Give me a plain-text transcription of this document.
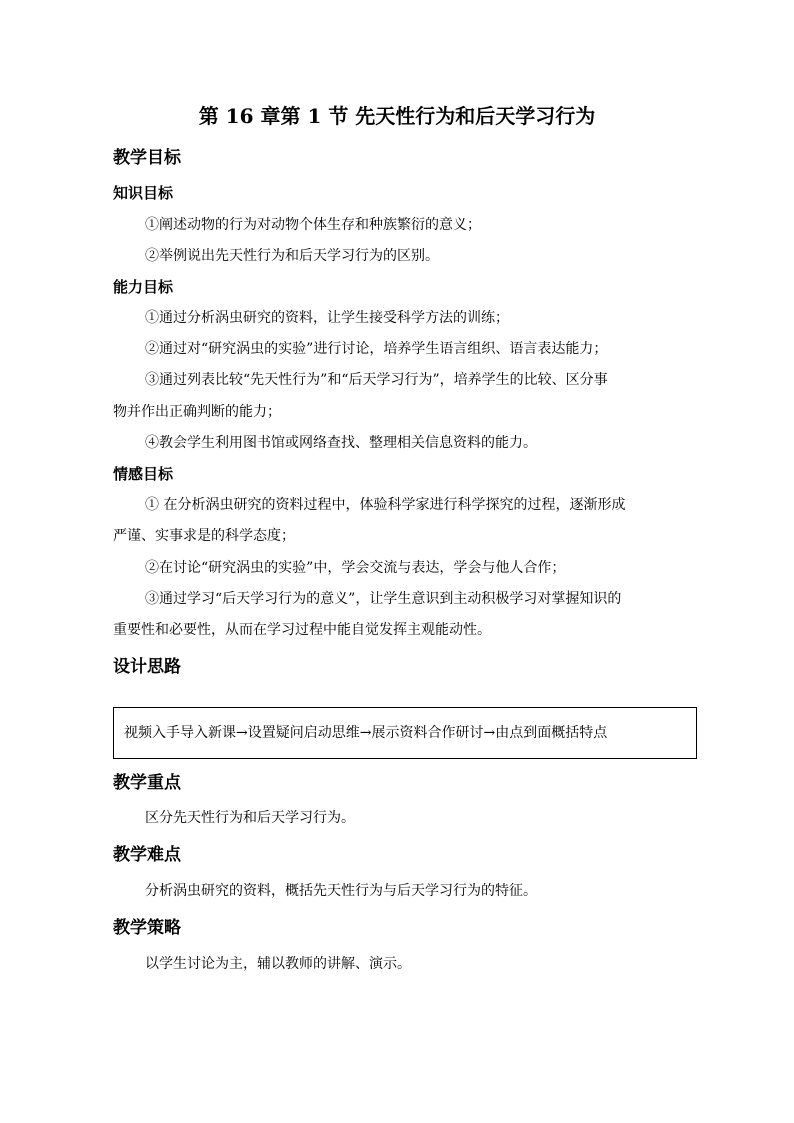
第 16 章第 1 节 先天性行为和后天学习行为
教学目标
知识目标
①阐述动物的行为对动物个体生存和种族繁衍的意义；
②举例说出先天性行为和后天学习行为的区别。
能力目标
①通过分析涡虫研究的资料，让学生接受科学方法的训练；
②通过对“研究涡虫的实验”进行讨论，培养学生语言组织、语言表达能力；
③通过列表比较“先天性行为”和“后天学习行为”，培养学生的比较、区分事
物并作出正确判断的能力；
④教会学生利用图书馆或网络查找、整理相关信息资料的能力。
情感目标
① 在分析涡虫研究的资料过程中，体验科学家进行科学探究的过程，逐渐形成
严谨、实事求是的科学态度；
②在讨论“研究涡虫的实验”中，学会交流与表达，学会与他人合作；
③通过学习“后天学习行为的意义”，让学生意识到主动积极学习对掌握知识的
重要性和必要性，从而在学习过程中能自觉发挥主观能动性。
设计思路
视频入手导入新课→设置疑问启动思维→展示资料合作研讨→由点到面概括特点
教学重点
区分先天性行为和后天学习行为。
教学难点
分析涡虫研究的资料，概括先天性行为与后天学习行为的特征。
教学策略
以学生讨论为主，辅以教师的讲解、演示。
